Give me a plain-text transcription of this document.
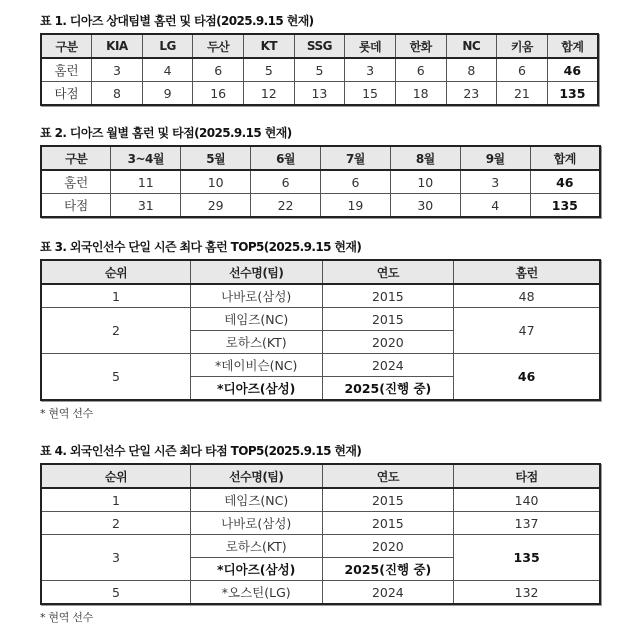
표 1. 디아즈 상대팀별 홈런 및 타점(2025.9.15 현재)
구분	KIA	LG	두산	KT	SSG	롯데	한화	NC	키움	합계
홈런	3	4	6	5	5	3	6	8	6	46
타점	8	9	16	12	13	15	18	23	21	135
표 2. 디아즈 월별 홈런 및 타점(2025.9.15 현재)
구분	3~4월	5월	6월	7월	8월	9월	합계
홈런	11	10	6	6	10	3	46
타점	31	29	22	19	30	4	135
표 3. 외국인선수 단일 시즌 최다 홈런 TOP5(2025.9.15 현재)
순위	선수명(팀)	연도	홈런
1	나바로(삼성)	2015	48
2	테임즈(NC)	2015	47
	로하스(KT)	2020	
5	*데이비슨(NC)	2024	46
	*디아즈(삼성)	2025(진행 중)	
* 현역 선수
표 4. 외국인선수 단일 시즌 최다 타점 TOP5(2025.9.15 현재)
순위	선수명(팀)	연도	타점
1	테임즈(NC)	2015	140
2	나바로(삼성)	2015	137
3	로하스(KT)	2020	135
	*디아즈(삼성)	2025(진행 중)	
5	*오스틴(LG)	2024	132
* 현역 선수
